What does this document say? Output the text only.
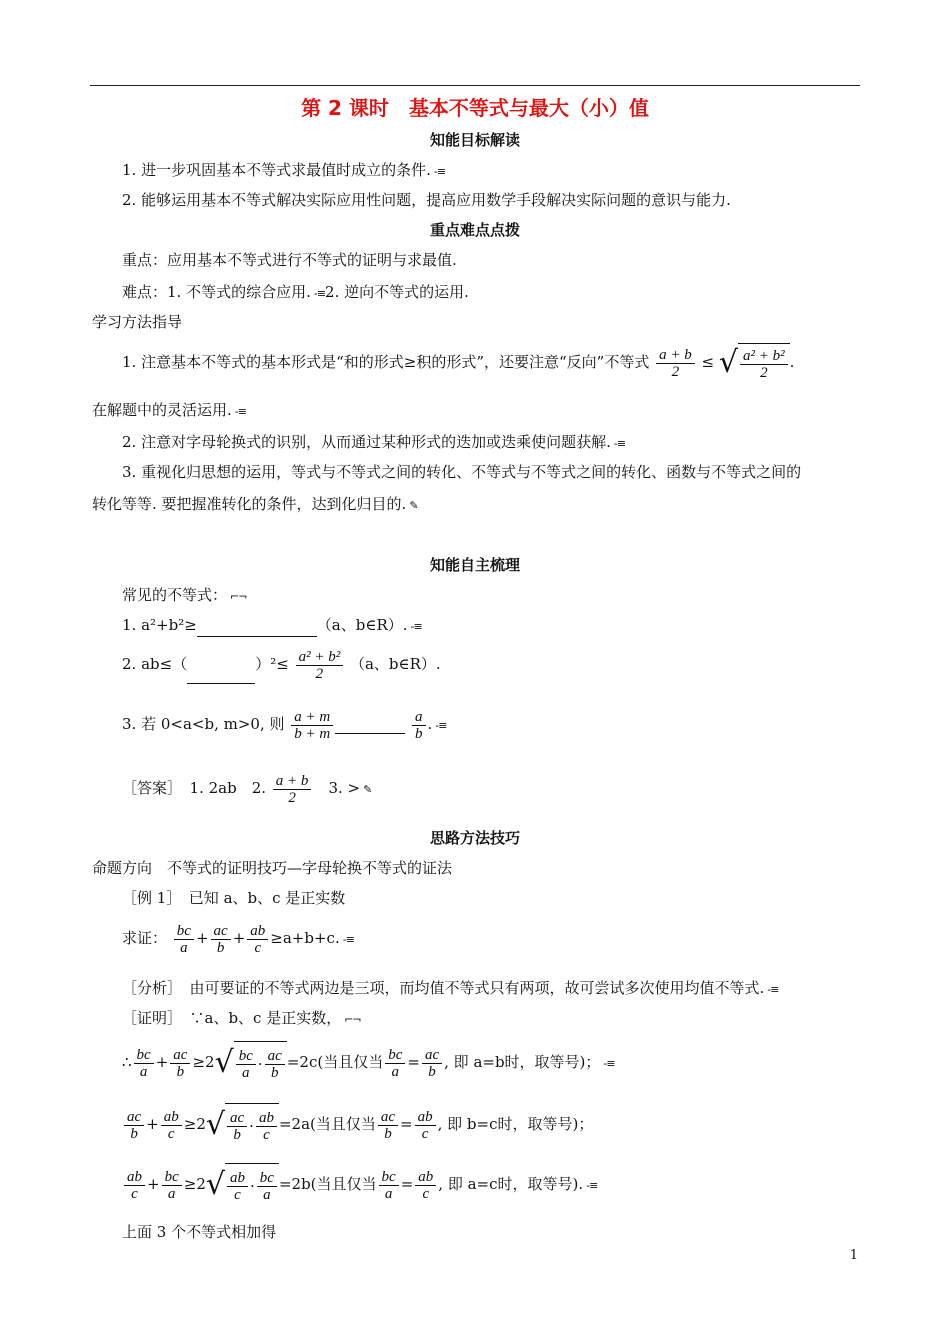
第 2 课时　基本不等式与最大（小）值
知能目标解读
1. 进一步巩固基本不等式求最值时成立的条件. -≡
2. 能够运用基本不等式解决实际应用性问题，提高应用数学手段解决实际问题的意识与能力.
重点难点点拨
重点：应用基本不等式进行不等式的证明与求最值.
难点：1. 不等式的综合应用. -≡2. 逆向不等式的运用.
学习方法指导
1. 注意基本不等式的基本形式是“和的形式≥积的形式”，还要注意“反向”不等式 $\frac{a + b}{2}$ ≤ √ $\frac{\text{a² + b²}}{2}$ .
在解题中的灵活运用. -≡
2. 注意对字母轮换式的识别，从而通过某种形式的迭加或迭乘使问题获解. -≡
3. 重视化归思想的运用，等式与不等式之间的转化、不等式与不等式之间的转化、函数与不等式之间的
转化等等. 要把握准转化的条件，达到化归目的. ✎
知能自主梳理
常见的不等式： ⌐¬
1. a²+b²≥	（a、b∈R）. -≡
2. ab≤（	）$^2\le \frac{\text{a² + b²}}{2} (a$、b∈R）.
3. 若 0<a<b, m>0, 则 $\frac{a + m}{b + m}$
	$\frac{a}{b}$ . -≡
［答案］　 1. 2ab　2. $\frac{a + b}{2}$
　 3. > ✎
思路方法技巧
命题方向　不等式的证明技巧—字母轮换不等式的证法
［例 1］　已知 a、b、c 是正实数
求证： $\frac{bc}{a} + \frac{ac}{b} + \frac{ab}{c} \ge a+b+c$. -≡
［分析］　由可要证的不等式两边是三项，而均值不等式只有两项，故可尝试多次使用均值不等式. -≡
［证明］　∵a、b、c 是正实数， ⌐¬
∴ $\frac{bc}{a} + \frac{ac}{b} \ge 2√ \frac{bc}{a} \cdot \frac{ac}{b} =2c$(当且仅当 $\frac{bc}{a} = \frac{ac}{b}$ , 即 a=b时，取等号)； -≡
$\frac{ac}{b} + \frac{ab}{c} \ge 2√ \frac{ac}{b} \cdot \frac{ab}{c} =2a$(当且仅当 $\frac{ac}{b} = \frac{ab}{c}$ , 即 b=c时，取等号)；
$\frac{ab}{c} + \frac{bc}{a} \ge 2√ \frac{ab}{c} \cdot \frac{bc}{a} =2b$(当且仅当 $\frac{bc}{a} = \frac{ab}{c}$ , 即 a=c时，取等号). -≡
上面 3 个不等式相加得
1
